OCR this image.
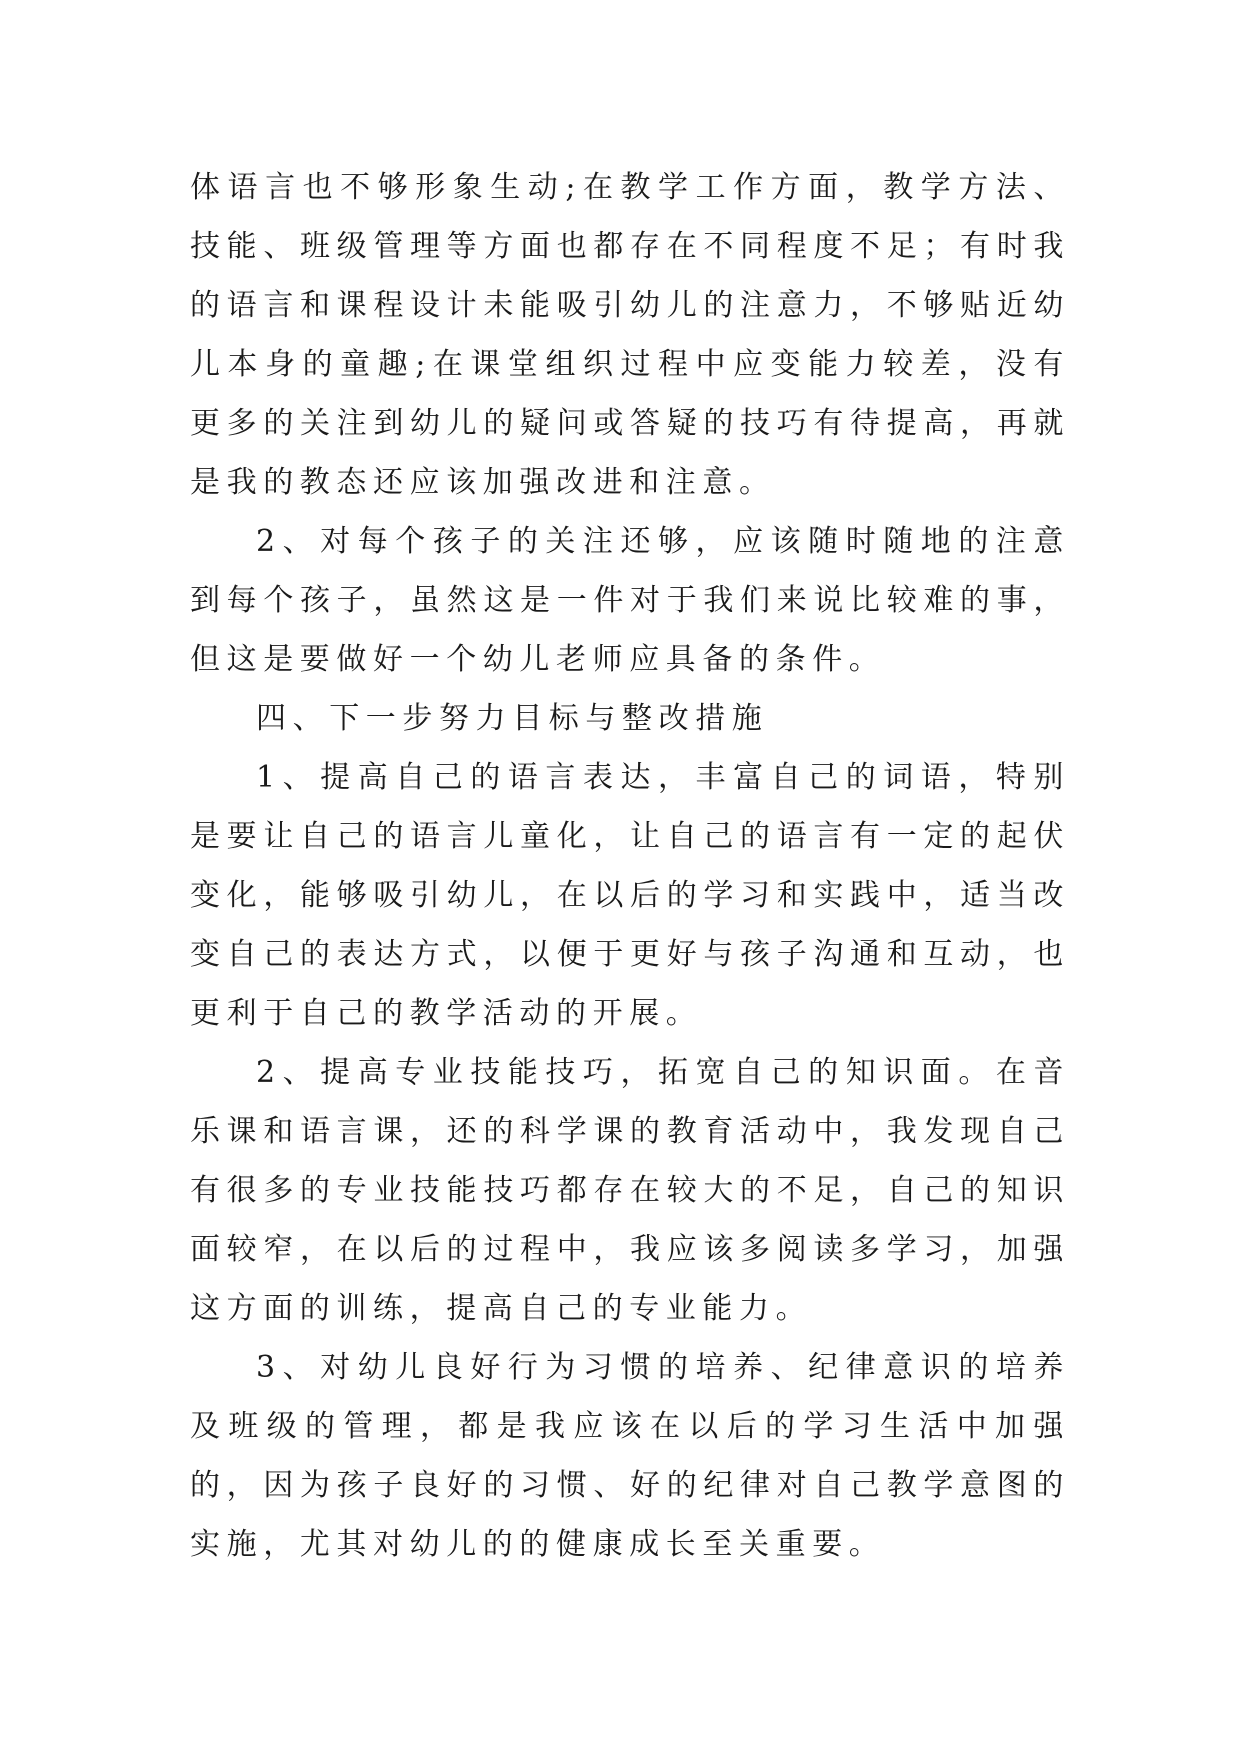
体语言也不够形象生动;在教学工作方面，教学方法、技能、班级管理等方面也都存在不同程度不足；有时我的语言和课程设计未能吸引幼儿的注意力，不够贴近幼儿本身的童趣;在课堂组织过程中应变能力较差，没有更多的关注到幼儿的疑问或答疑的技巧有待提高，再就是我的教态还应该加强改进和注意。

2、对每个孩子的关注还够，应该随时随地的注意到每个孩子，虽然这是一件对于我们来说比较难的事，但这是要做好一个幼儿老师应具备的条件。

四、下一步努力目标与整改措施

1、提高自己的语言表达，丰富自己的词语，特别是要让自己的语言儿童化，让自己的语言有一定的起伏变化，能够吸引幼儿，在以后的学习和实践中，适当改变自己的表达方式，以便于更好与孩子沟通和互动，也更利于自己的教学活动的开展。

2、提高专业技能技巧，拓宽自己的知识面。在音乐课和语言课，还的科学课的教育活动中，我发现自己有很多的专业技能技巧都存在较大的不足，自己的知识面较窄，在以后的过程中，我应该多阅读多学习，加强这方面的训练，提高自己的专业能力。

3、对幼儿良好行为习惯的培养、纪律意识的培养及班级的管理，都是我应该在以后的学习生活中加强的，因为孩子良好的习惯、好的纪律对自己教学意图的实施，尤其对幼儿的的健康成长至关重要。
